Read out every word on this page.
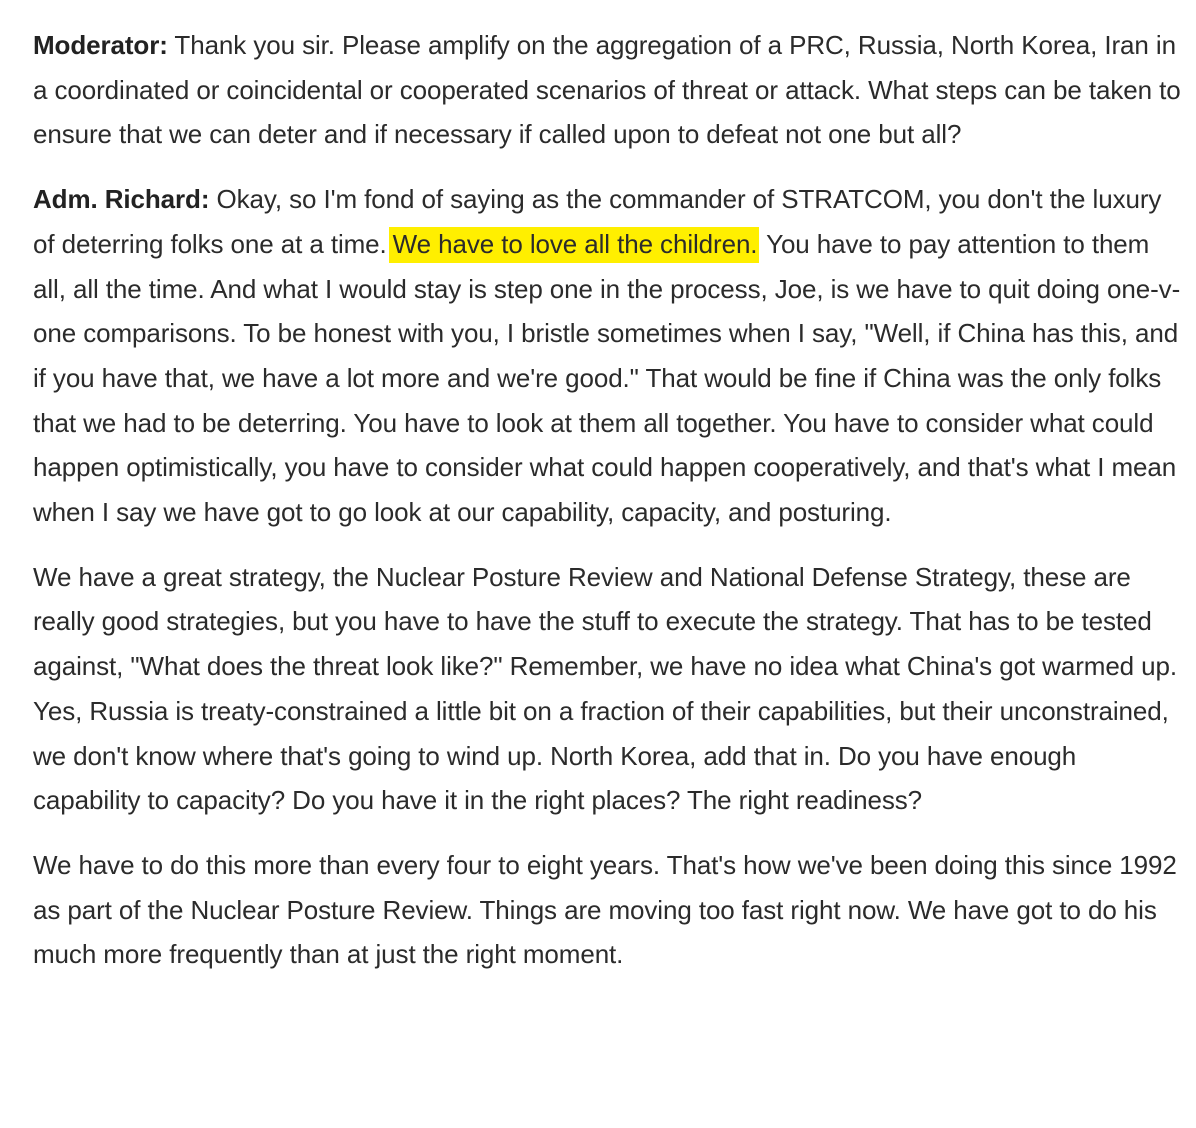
Moderator: Thank you sir. Please amplify on the aggregation of a PRC, Russia, North Korea, Iran in a coordinated or coincidental or cooperated scenarios of threat or attack. What steps can be taken to ensure that we can deter and if necessary if called upon to defeat not one but all?

Adm. Richard: Okay, so I'm fond of saying as the commander of STRATCOM, you don't the luxury of deterring folks one at a time. We have to love all the children. You have to pay attention to them all, all the time. And what I would stay is step one in the process, Joe, is we have to quit doing one-v-one comparisons. To be honest with you, I bristle sometimes when I say, "Well, if China has this, and if you have that, we have a lot more and we're good." That would be fine if China was the only folks that we had to be deterring. You have to look at them all together. You have to consider what could happen optimistically, you have to consider what could happen cooperatively, and that's what I mean when I say we have got to go look at our capability, capacity, and posturing.

We have a great strategy, the Nuclear Posture Review and National Defense Strategy, these are really good strategies, but you have to have the stuff to execute the strategy. That has to be tested against, "What does the threat look like?" Remember, we have no idea what China's got warmed up. Yes, Russia is treaty-constrained a little bit on a fraction of their capabilities, but their unconstrained, we don't know where that's going to wind up. North Korea, add that in. Do you have enough capability to capacity? Do you have it in the right places? The right readiness?

We have to do this more than every four to eight years. That's how we've been doing this since 1992 as part of the Nuclear Posture Review. Things are moving too fast right now. We have got to do his much more frequently than at just the right moment.
